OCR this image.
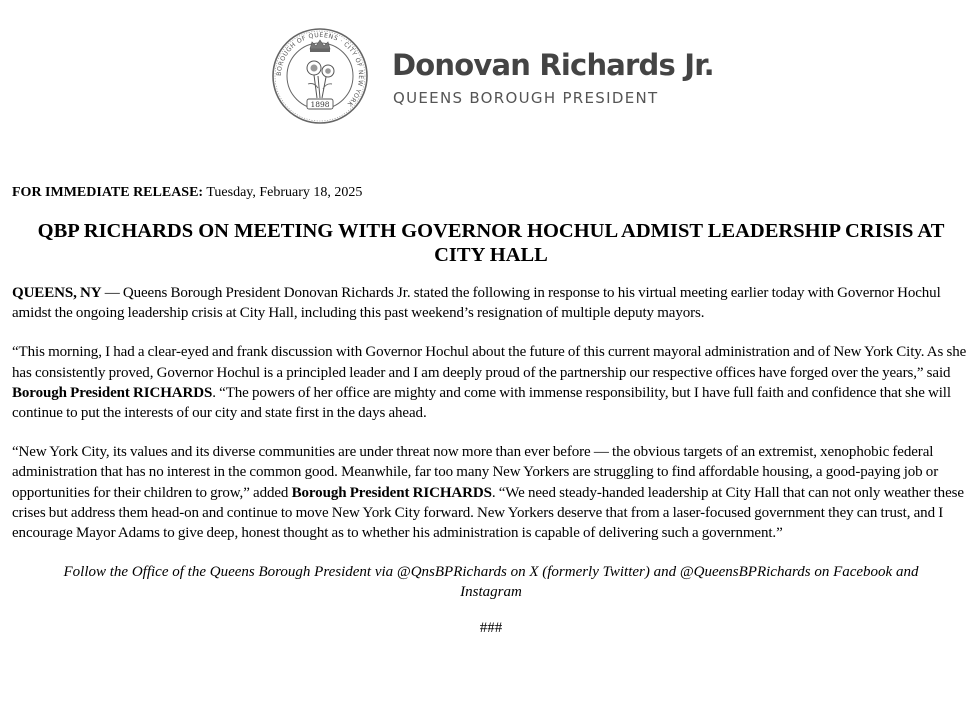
BOROUGH OF QUEENS · CITY OF NEW YORK
1898
Donovan Richards Jr.
QUEENS BOROUGH PRESIDENT

FOR IMMEDIATE RELEASE: Tuesday, February 18, 2025

QBP RICHARDS ON MEETING WITH GOVERNOR HOCHUL ADMIST LEADERSHIP CRISIS AT CITY HALL

QUEENS, NY — Queens Borough President Donovan Richards Jr. stated the following in response to his virtual meeting earlier today with Governor Hochul amidst the ongoing leadership crisis at City Hall, including this past weekend’s resignation of multiple deputy mayors.

“This morning, I had a clear-eyed and frank discussion with Governor Hochul about the future of this current mayoral administration and of New York City. As she has consistently proved, Governor Hochul is a principled leader and I am deeply proud of the partnership our respective offices have forged over the years,” said Borough President RICHARDS. “The powers of her office are mighty and come with immense responsibility, but I have full faith and confidence that she will continue to put the interests of our city and state first in the days ahead.

“New York City, its values and its diverse communities are under threat now more than ever before — the obvious targets of an extremist, xenophobic federal administration that has no interest in the common good. Meanwhile, far too many New Yorkers are struggling to find affordable housing, a good-paying job or opportunities for their children to grow,” added Borough President RICHARDS. “We need steady-handed leadership at City Hall that can not only weather these crises but address them head-on and continue to move New York City forward. New Yorkers deserve that from a laser-focused government they can trust, and I encourage Mayor Adams to give deep, honest thought as to whether his administration is capable of delivering such a government.”

Follow the Office of the Queens Borough President via @QnsBPRichards on X (formerly Twitter) and @QueensBPRichards on Facebook and Instagram

###
